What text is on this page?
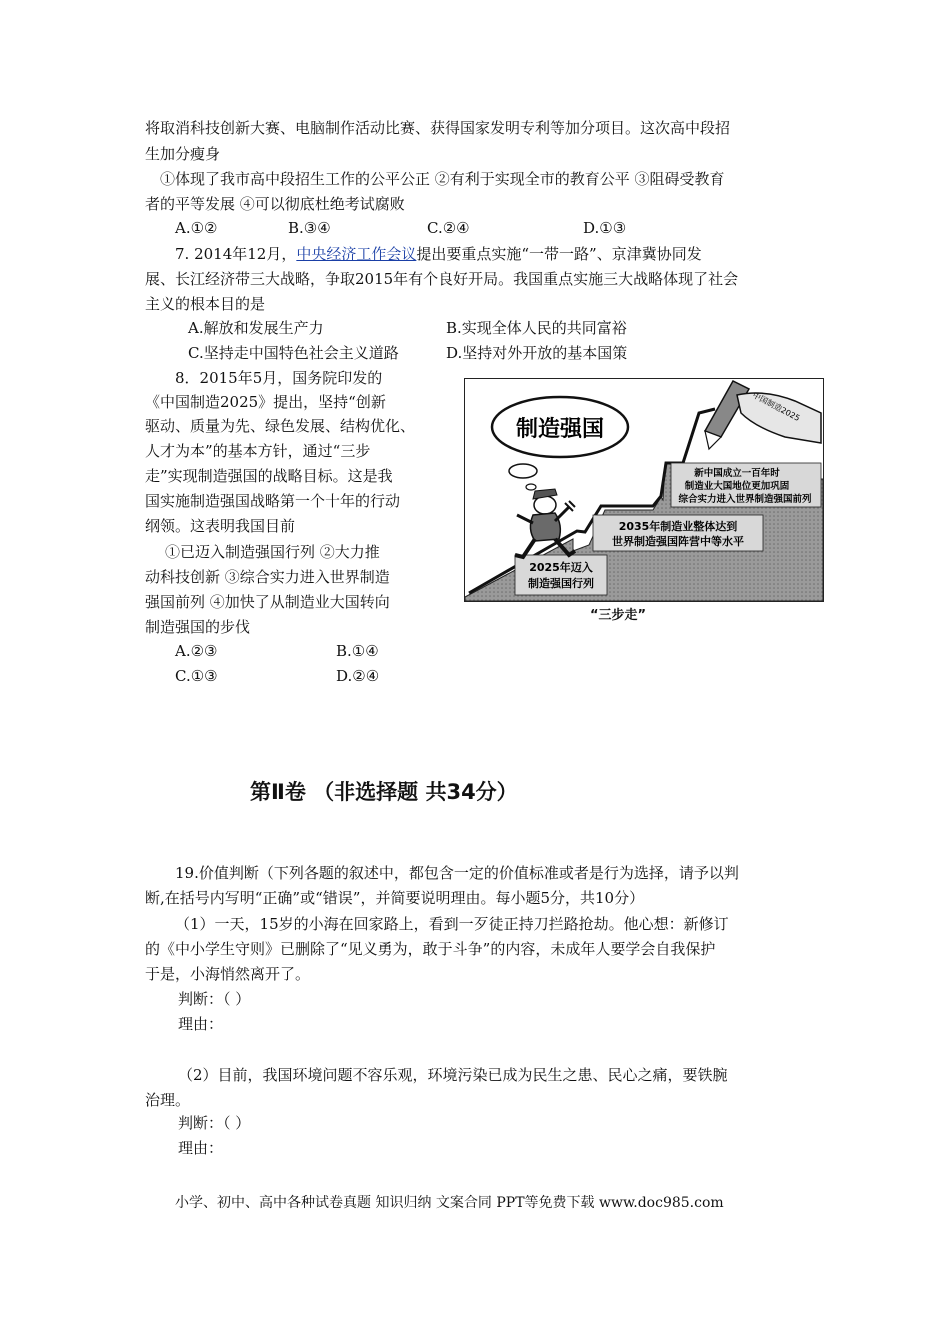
将取消科技创新大赛、电脑制作活动比赛、获得国家发明专利等加分项目。这次高中段招
生加分瘦身
①体现了我市高中段招生工作的公平公正 ②有利于实现全市的教育公平 ③阻碍受教育
者的平等发展 ④可以彻底杜绝考试腐败
A.①②	B.③④	C.②④	D.①③
7. 2014年12月，中央经济工作会议提出要重点实施“一带一路”、京津冀协同发
展、长江经济带三大战略，争取2015年有个良好开局。我国重点实施三大战略体现了社会
主义的根本目的是
A.解放和发展生产力	B.实现全体人民的共同富裕
C.坚持走中国特色社会主义道路	D.坚持对外开放的基本国策
8．2015年5月，国务院印发的
《中国制造2025》提出，坚持“创新
驱动、质量为先、绿色发展、结构优化、
人才为本”的基本方针，通过“三步
走”实现制造强国的战略目标。这是我
国实施制造强国战略第一个十年的行动
纲领。这表明我国目前
①已迈入制造强国行列 ②大力推
动科技创新 ③综合实力进入世界制造
强国前列 ④加快了从制造业大国转向
制造强国的步伐
A.②③	B.①④
C.①③	D.②④
2025年迈入
制造强国行列
2035年制造业整体达到
世界制造强国阵营中等水平
新中国成立一百年时
制造业大国地位更加巩固
综合实力进入世界制造强国前列
制造强国
中国制造2025
“三步走”
第Ⅱ卷 （非选择题 共34分）
19.价值判断（下列各题的叙述中，都包含一定的价值标准或者是行为选择，请予以判
断,在括号内写明“正确”或“错误”，并简要说明理由。每小题5分，共10分）
（1）一天，15岁的小海在回家路上，看到一歹徒正持刀拦路抢劫。他心想：新修订
的《中小学生守则》已删除了“见义勇为，敢于斗争”的内容，未成年人要学会自我保护
于是，小海悄然离开了。
判断：（ ）
理由：
（2）目前，我国环境问题不容乐观，环境污染已成为民生之患、民心之痛，要铁腕
治理。
判断：（ ）
理由：
小学、初中、高中各种试卷真题 知识归纳 文案合同 PPT等免费下载 www.doc985.com
